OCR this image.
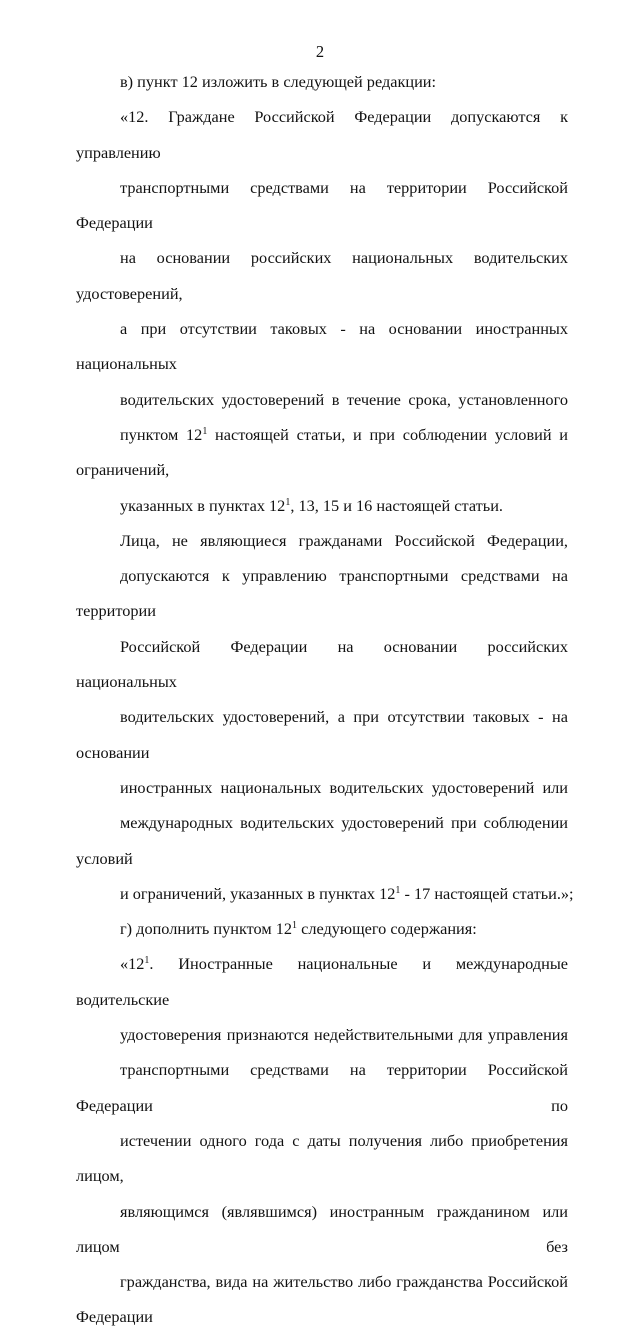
2

в) пункт 12 изложить в следующей редакции:

«12. Граждане Российской Федерации допускаются к управлению
транспортными средствами на территории Российской Федерации
на основании российских национальных водительских удостоверений,
а при отсутствии таковых - на основании иностранных национальных
водительских удостоверений в течение срока, установленного
пунктом $12^1$ настоящей статьи, и при соблюдении условий и ограничений,
указанных в пунктах $12^1$, 13, 15 и 16 настоящей статьи.

Лица, не являющиеся гражданами Российской Федерации,
допускаются к управлению транспортными средствами на территории
Российской Федерации на основании российских национальных
водительских удостоверений, а при отсутствии таковых - на основании
иностранных национальных водительских удостоверений или
международных водительских удостоверений при соблюдении условий
и ограничений, указанных в пунктах $12^1 - 17$ настоящей статьи.»;

г) дополнить пунктом $12^1$ следующего содержания:

«$12^1$. Иностранные национальные и международные водительские
удостоверения признаются недействительными для управления
транспортными средствами на территории Российской Федерации по
истечении одного года с даты получения либо приобретения лицом,
являющимся (являвшимся) иностранным гражданином или лицом без
гражданства, вида на жительство либо гражданства Российской Федерации
